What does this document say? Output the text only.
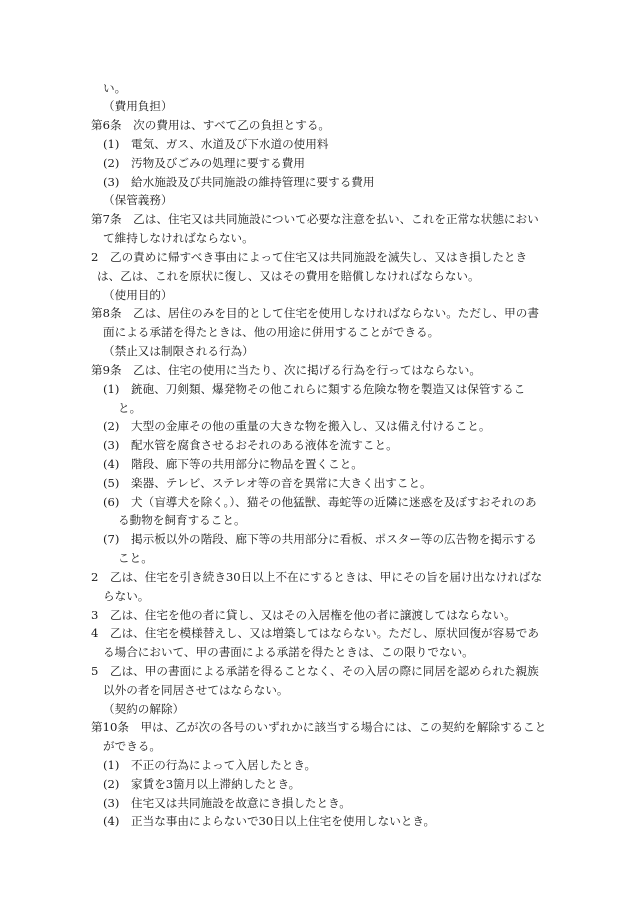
い。
（費用負担）
第6条　次の費用は、すべて乙の負担とする。
(1)　電気、ガス、水道及び下水道の使用料
(2)　汚物及びごみの処理に要する費用
(3)　給水施設及び共同施設の維持管理に要する費用
（保管義務）
第7条　乙は、住宅又は共同施設について必要な注意を払い、これを正常な状態におい
て維持しなければならない。
2　乙の責めに帰すべき事由によって住宅又は共同施設を滅失し、又はき損したとき
は、乙は、これを原状に復し、又はその費用を賠償しなければならない。
（使用目的）
第8条　乙は、居住のみを目的として住宅を使用しなければならない。ただし、甲の書
面による承諾を得たときは、他の用途に併用することができる。
（禁止又は制限される行為）
第9条　乙は、住宅の使用に当たり、次に掲げる行為を行ってはならない。
(1)　銃砲、刀剣類、爆発物その他これらに類する危険な物を製造又は保管するこ
と。
(2)　大型の金庫その他の重量の大きな物を搬入し、又は備え付けること。
(3)　配水管を腐食させるおそれのある液体を流すこと。
(4)　階段、廊下等の共用部分に物品を置くこと。
(5)　楽器、テレビ、ステレオ等の音を異常に大きく出すこと。
(6)　犬（盲導犬を除く。）、猫その他猛獣、毒蛇等の近隣に迷惑を及ぼすおそれのあ
る動物を飼育すること。
(7)　掲示板以外の階段、廊下等の共用部分に看板、ポスター等の広告物を掲示する
こと。
2　乙は、住宅を引き続き30日以上不在にするときは、甲にその旨を届け出なければな
らない。
3　乙は、住宅を他の者に貸し、又はその入居権を他の者に譲渡してはならない。
4　乙は、住宅を模様替えし、又は増築してはならない。ただし、原状回復が容易であ
る場合において、甲の書面による承諾を得たときは、この限りでない。
5　乙は、甲の書面による承諾を得ることなく、その入居の際に同居を認められた親族
以外の者を同居させてはならない。
（契約の解除）
第10条　甲は、乙が次の各号のいずれかに該当する場合には、この契約を解除すること
ができる。
(1)　不正の行為によって入居したとき。
(2)　家賃を3箇月以上滞納したとき。
(3)　住宅又は共同施設を故意にき損したとき。
(4)　正当な事由によらないで30日以上住宅を使用しないとき。
